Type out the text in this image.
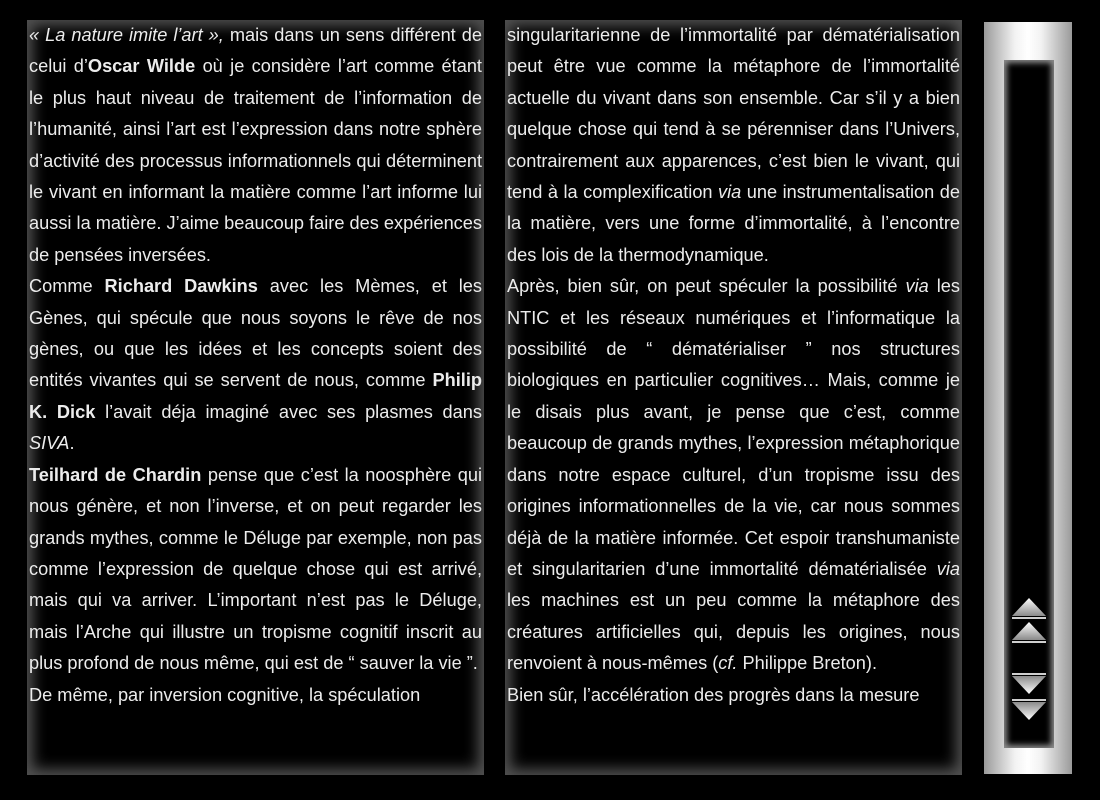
« La nature imite l’art », mais dans un sens différent de celui d’Oscar Wilde où je considère l’art comme étant le plus haut niveau de traitement de l’information de l’humanité, ainsi l’art est l’expression dans notre sphère d’activité des processus informationnels qui déterminent le vivant en informant la matière comme l’art informe lui aussi la matière. J’aime beaucoup faire des expériences de pensées inversées.
Comme Richard Dawkins avec les Mèmes, et les Gènes, qui spécule que nous soyons le rêve de nos gènes, ou que les idées et les concepts soient des entités vivantes qui se servent de nous, comme Philip K. Dick l’avait déja imaginé avec ses plasmes dans SIVA.
Teilhard de Chardin pense que c’est la noosphère qui nous génère, et non l’inverse, et on peut regarder les grands mythes, comme le Déluge par exemple, non pas comme l’expression de quelque chose qui est arrivé, mais qui va arriver. L’important n’est pas le Déluge, mais l’Arche qui illustre un tropisme cognitif inscrit au plus profond de nous même, qui est de “ sauver la vie ”.
De même, par inversion cognitive, la spéculation
singularitarienne de l’immortalité par dématérialisation peut être vue comme la métaphore de l’immortalité actuelle du vivant dans son ensemble. Car s’il y a bien quelque chose qui tend à se pérenniser dans l’Univers, contrairement aux apparences, c’est bien le vivant, qui tend à la complexification via une instrumentalisation de la matière, vers une forme d’immortalité, à l’encontre des lois de la thermodynamique.
Après, bien sûr, on peut spéculer la possibilité via les NTIC et les réseaux numériques et l’informatique la possibilité de “ dématérialiser ” nos structures biologiques en particulier cognitives… Mais, comme je le disais plus avant, je pense que c’est, comme beaucoup de grands mythes, l’expression métaphorique dans notre espace culturel, d’un tropisme issu des origines informationnelles de la vie, car nous sommes déjà de la matière informée. Cet espoir transhumaniste et singularitarien d’une immortalité dématérialisée via les machines est un peu comme la métaphore des créatures artificielles qui, depuis les origines, nous renvoient à nous-mêmes (cf. Philippe Breton).
Bien sûr, l’accélération des progrès dans la mesure
